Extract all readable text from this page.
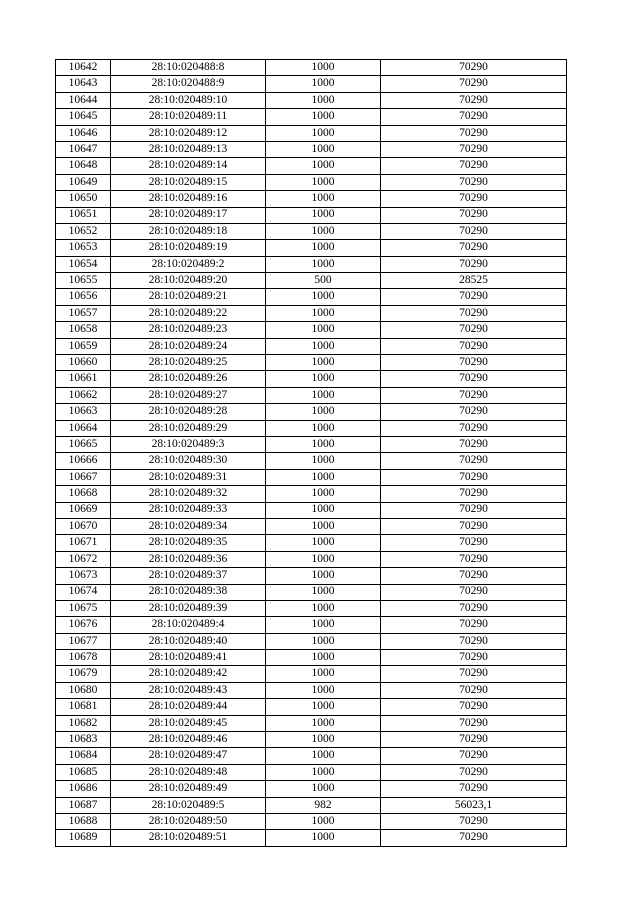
10642	28:10:020488:8	1000	70290
10643	28:10:020488:9	1000	70290
10644	28:10:020489:10	1000	70290
10645	28:10:020489:11	1000	70290
10646	28:10:020489:12	1000	70290
10647	28:10:020489:13	1000	70290
10648	28:10:020489:14	1000	70290
10649	28:10:020489:15	1000	70290
10650	28:10:020489:16	1000	70290
10651	28:10:020489:17	1000	70290
10652	28:10:020489:18	1000	70290
10653	28:10:020489:19	1000	70290
10654	28:10:020489:2	1000	70290
10655	28:10:020489:20	500	28525
10656	28:10:020489:21	1000	70290
10657	28:10:020489:22	1000	70290
10658	28:10:020489:23	1000	70290
10659	28:10:020489:24	1000	70290
10660	28:10:020489:25	1000	70290
10661	28:10:020489:26	1000	70290
10662	28:10:020489:27	1000	70290
10663	28:10:020489:28	1000	70290
10664	28:10:020489:29	1000	70290
10665	28:10:020489:3	1000	70290
10666	28:10:020489:30	1000	70290
10667	28:10:020489:31	1000	70290
10668	28:10:020489:32	1000	70290
10669	28:10:020489:33	1000	70290
10670	28:10:020489:34	1000	70290
10671	28:10:020489:35	1000	70290
10672	28:10:020489:36	1000	70290
10673	28:10:020489:37	1000	70290
10674	28:10:020489:38	1000	70290
10675	28:10:020489:39	1000	70290
10676	28:10:020489:4	1000	70290
10677	28:10:020489:40	1000	70290
10678	28:10:020489:41	1000	70290
10679	28:10:020489:42	1000	70290
10680	28:10:020489:43	1000	70290
10681	28:10:020489:44	1000	70290
10682	28:10:020489:45	1000	70290
10683	28:10:020489:46	1000	70290
10684	28:10:020489:47	1000	70290
10685	28:10:020489:48	1000	70290
10686	28:10:020489:49	1000	70290
10687	28:10:020489:5	982	56023,1
10688	28:10:020489:50	1000	70290
10689	28:10:020489:51	1000	70290
